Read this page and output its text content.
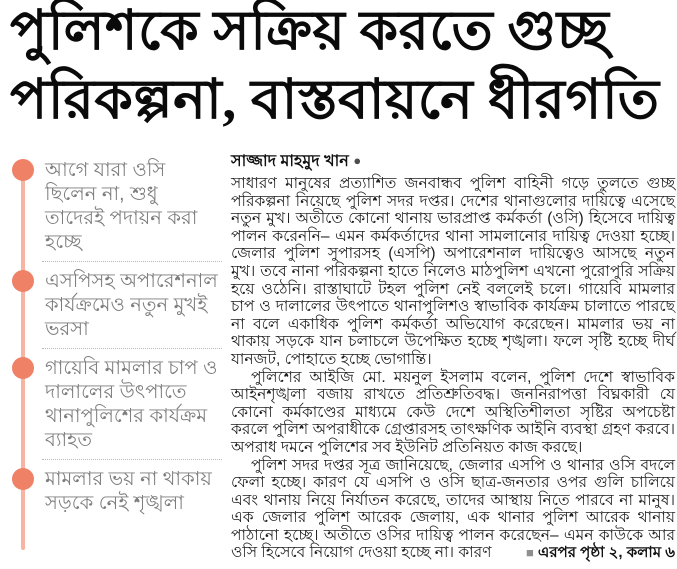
পুলিশকে সক্রিয় করতে গুচ্ছ
পরিকল্পনা, বাস্তবায়নে ধীরগতি

আগে যারা ওসি ছিলেন না, শুধু তাদেরই পদায়ন করা হচ্ছে

এসপিসহ অপারেশনাল কার্যক্রমেও নতুন মুখই ভরসা

গায়েবি মামলার চাপ ও দালালের উৎপাতে থানাপুলিশের কার্যক্রম ব্যাহত

মামলার ভয় না থাকায় সড়কে নেই শৃঙ্খলা

সাজ্জাদ মাহমুদ খান ●

সাধারণ মানুষের প্রত্যাশিত জনবান্ধব পুলিশ বাহিনী গড়ে তুলতে গুচ্ছ পরিকল্পনা নিয়েছে পুলিশ সদর দপ্তর। দেশের থানাগুলোর দায়িত্বে এসেছে নতুন মুখ। অতীতে কোনো থানায় ভারপ্রাপ্ত কর্মকর্তা (ওসি) হিসেবে দায়িত্ব পালন করেননি– এমন কর্মকর্তাদের থানা সামলানোর দায়িত্ব দেওয়া হচ্ছে। জেলার পুলিশ সুপারসহ (এসপি) অপারেশনাল দায়িত্বেও আসছে নতুন মুখ। তবে নানা পরিকল্পনা হাতে নিলেও মাঠপুলিশ এখনো পুরোপুরি সক্রিয় হয়ে ওঠেনি। রাস্তাঘাটে টহল পুলিশ নেই বললেই চলে। গায়েবি মামলার চাপ ও দালালের উৎপাতে থানাপুলিশও স্বাভাবিক কার্যক্রম চালাতে পারছে না বলে একাধিক পুলিশ কর্মকর্তা অভিযোগ করেছেন। মামলার ভয় না থাকায় সড়কে যান চলাচলে উপেক্ষিত হচ্ছে শৃঙ্খলা। ফলে সৃষ্টি হচ্ছে দীর্ঘ যানজট, পোহাতে হচ্ছে ভোগান্তি।

পুলিশের আইজি মো. ময়নুল ইসলাম বলেন, পুলিশ দেশে স্বাভাবিক আইনশৃঙ্খলা বজায় রাখতে প্রতিশ্রুতিবদ্ধ। জননিরাপত্তা বিঘ্নকারী যে কোনো কর্মকাণ্ডের মাধ্যমে কেউ দেশে অস্থিতিশীলতা সৃষ্টির অপচেষ্টা করলে পুলিশ অপরাধীকে গ্রেপ্তারসহ তাৎক্ষণিক আইনি ব্যবস্থা গ্রহণ করবে। অপরাধ দমনে পুলিশের সব ইউনিট প্রতিনিয়ত কাজ করছে।

পুলিশ সদর দপ্তর সূত্র জানিয়েছে, জেলার এসপি ও থানার ওসি বদলে ফেলা হচ্ছে। কারণ যে এসপি ও ওসি ছাত্র-জনতার ওপর গুলি চালিয়ে এবং থানায় নিয়ে নির্যাতন করেছে, তাদের আস্থায় নিতে পারবে না মানুষ। এক জেলার পুলিশ আরেক জেলায়, এক থানার পুলিশ আরেক থানায় পাঠানো হচ্ছে। অতীতে ওসির দায়িত্ব পালন করেছেন– এমন কাউকে আর ওসি হিসেবে নিয়োগ দেওয়া হচ্ছে না। কারণ	■ এরপর পৃষ্ঠা ২, কলাম ৬
